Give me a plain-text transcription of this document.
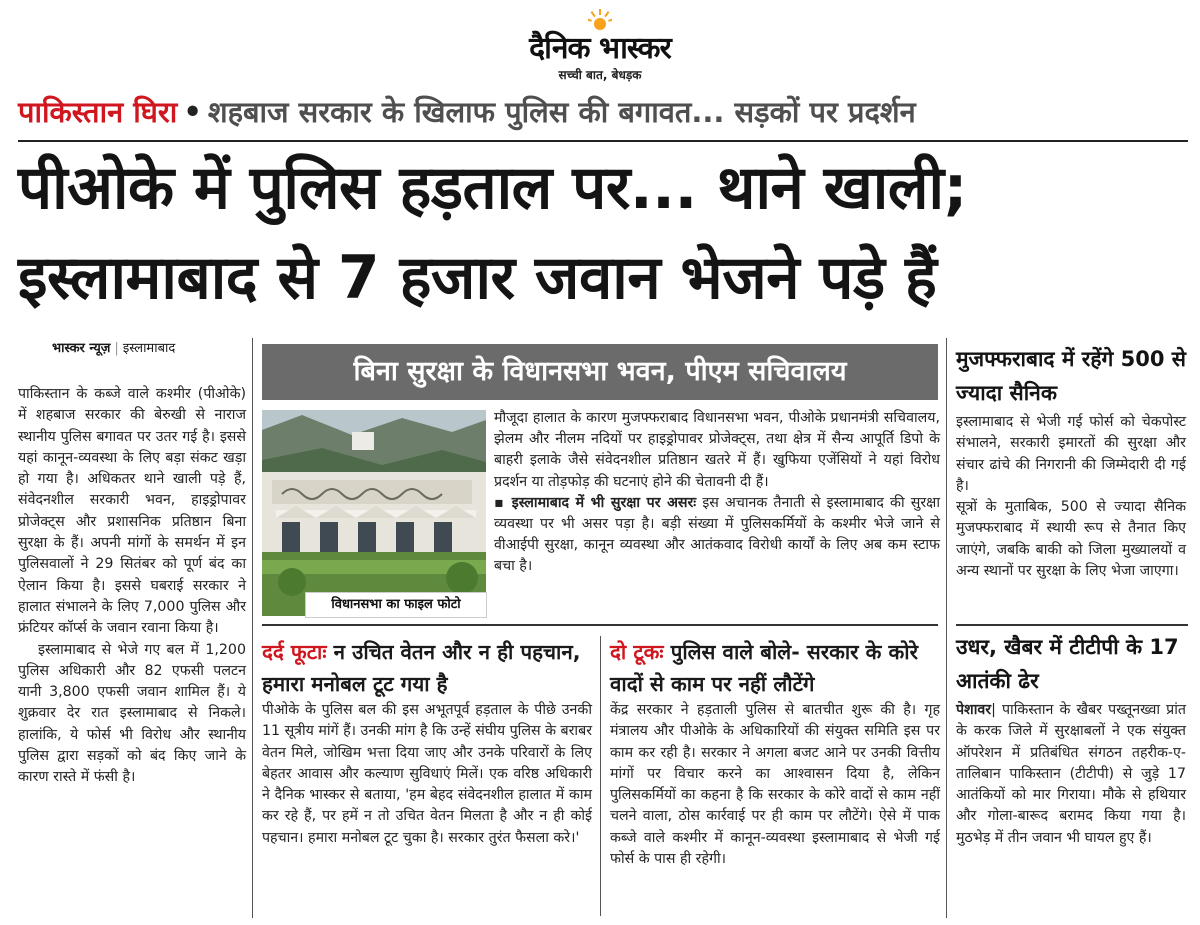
दैनिक भास्कर
सच्ची बात, बेधड़क
पाकिस्तान घिरा • शहबाज सरकार के खिलाफ पुलिस की बगावत... सड़कों पर प्रदर्शन
पीओके में पुलिस हड़ताल पर... थाने खाली;
इस्लामाबाद से 7 हजार जवान भेजने पड़े हैं
भास्कर न्यूज़ | इस्लामाबाद

पाकिस्तान के कब्जे वाले कश्मीर (पीओके) में शहबाज सरकार की बेरुखी से नाराज स्थानीय पुलिस बगावत पर उतर गई है। इससे यहां कानून-व्यवस्था के लिए बड़ा संकट खड़ा हो गया है। अधिकतर थाने खाली पड़े हैं, संवेदनशील सरकारी भवन, हाइड्रोपावर प्रोजेक्ट्स और प्रशासनिक प्रतिष्ठान बिना सुरक्षा के हैं। अपनी मांगों के समर्थन में इन पुलिसवालों ने 29 सितंबर को पूर्ण बंद का ऐलान किया है। इससे घबराई सरकार ने हालात संभालने के लिए 7,000 पुलिस और फ्रंटियर कॉर्प्स के जवान रवाना किया है।

इस्लामाबाद से भेजे गए बल में 1,200 पुलिस अधिकारी और 82 एफसी पलटन यानी 3,800 एफसी जवान शामिल हैं। ये शुक्रवार देर रात इस्लामाबाद से निकले। हालांकि, ये फोर्स भी विरोध और स्थानीय पुलिस द्वारा सड़कों को बंद किए जाने के कारण रास्ते में फंसी है।

बिना सुरक्षा के विधानसभा भवन, पीएम सचिवालय
विधानसभा का फाइल फोटो

मौजूदा हालात के कारण मुजफ्फराबाद विधानसभा भवन, पीओके प्रधानमंत्री सचिवालय, झेलम और नीलम नदियों पर हाइड्रोपावर प्रोजेक्ट्स, तथा क्षेत्र में सैन्य आपूर्ति डिपो के बाहरी इलाके जैसे संवेदनशील प्रतिष्ठान खतरे में हैं। खुफिया एजेंसियों ने यहां विरोध प्रदर्शन या तोड़फोड़ की घटनाएं होने की चेतावनी दी हैं।

▪ इस्लामाबाद में भी सुरक्षा पर असरः इस अचानक तैनाती से इस्लामाबाद की सुरक्षा व्यवस्था पर भी असर पड़ा है। बड़ी संख्या में पुलिसकर्मियों के कश्मीर भेजे जाने से वीआईपी सुरक्षा, कानून व्यवस्था और आतंकवाद विरोधी कार्यों के लिए अब कम स्टाफ बचा है।

दर्द फूटाः न उचित वेतन और न ही पहचान, हमारा मनोबल टूट गया है
पीओके के पुलिस बल की इस अभूतपूर्व हड़ताल के पीछे उनकी 11 सूत्रीय मांगें हैं। उनकी मांग है कि उन्हें संघीय पुलिस के बराबर वेतन मिले, जोखिम भत्ता दिया जाए और उनके परिवारों के लिए बेहतर आवास और कल्याण सुविधाएं मिलें। एक वरिष्ठ अधिकारी ने दैनिक भास्कर से बताया, 'हम बेहद संवेदनशील हालात में काम कर रहे हैं, पर हमें न तो उचित वेतन मिलता है और न ही कोई पहचान। हमारा मनोबल टूट चुका है। सरकार तुरंत फैसला करे।'
दो टूकः पुलिस वाले बोले- सरकार के कोरे वादों से काम पर नहीं लौटेंगे
केंद्र सरकार ने हड़ताली पुलिस से बातचीत शुरू की है। गृह मंत्रालय और पीओके के अधिकारियों की संयुक्त समिति इस पर काम कर रही है। सरकार ने अगला बजट आने पर उनकी वित्तीय मांगों पर विचार करने का आश्वासन दिया है, लेकिन पुलिसकर्मियों का कहना है कि सरकार के कोरे वादों से काम नहीं चलने वाला, ठोस कार्रवाई पर ही काम पर लौटेंगे। ऐसे में पाक कब्जे वाले कश्मीर में कानून-व्यवस्था इस्लामाबाद से भेजी गई फोर्स के पास ही रहेगी।
मुजफ्फराबाद में रहेंगे 500 से ज्यादा सैनिक

इस्लामाबाद से भेजी गई फोर्स को चेकपोस्ट संभालने, सरकारी इमारतों की सुरक्षा और संचार ढांचे की निगरानी की जिम्मेदारी दी गई है।

सूत्रों के मुताबिक, 500 से ज्यादा सैनिक मुजफ्फराबाद में स्थायी रूप से तैनात किए जाएंगे, जबकि बाकी को जिला मुख्यालयों व अन्य स्थानों पर सुरक्षा के लिए भेजा जाएगा।

उधर, खैबर में टीटीपी के 17 आतंकी ढेर
पेशावर| पाकिस्तान के खैबर पख्तूनख्वा प्रांत के करक जिले में सुरक्षाबलों ने एक संयुक्त ऑपरेशन में प्रतिबंधित संगठन तहरीक-ए-तालिबान पाकिस्तान (टीटीपी) से जुड़े 17 आतंकियों को मार गिराया। मौके से हथियार और गोला-बारूद बरामद किया गया है। मुठभेड़ में तीन जवान भी घायल हुए हैं।
